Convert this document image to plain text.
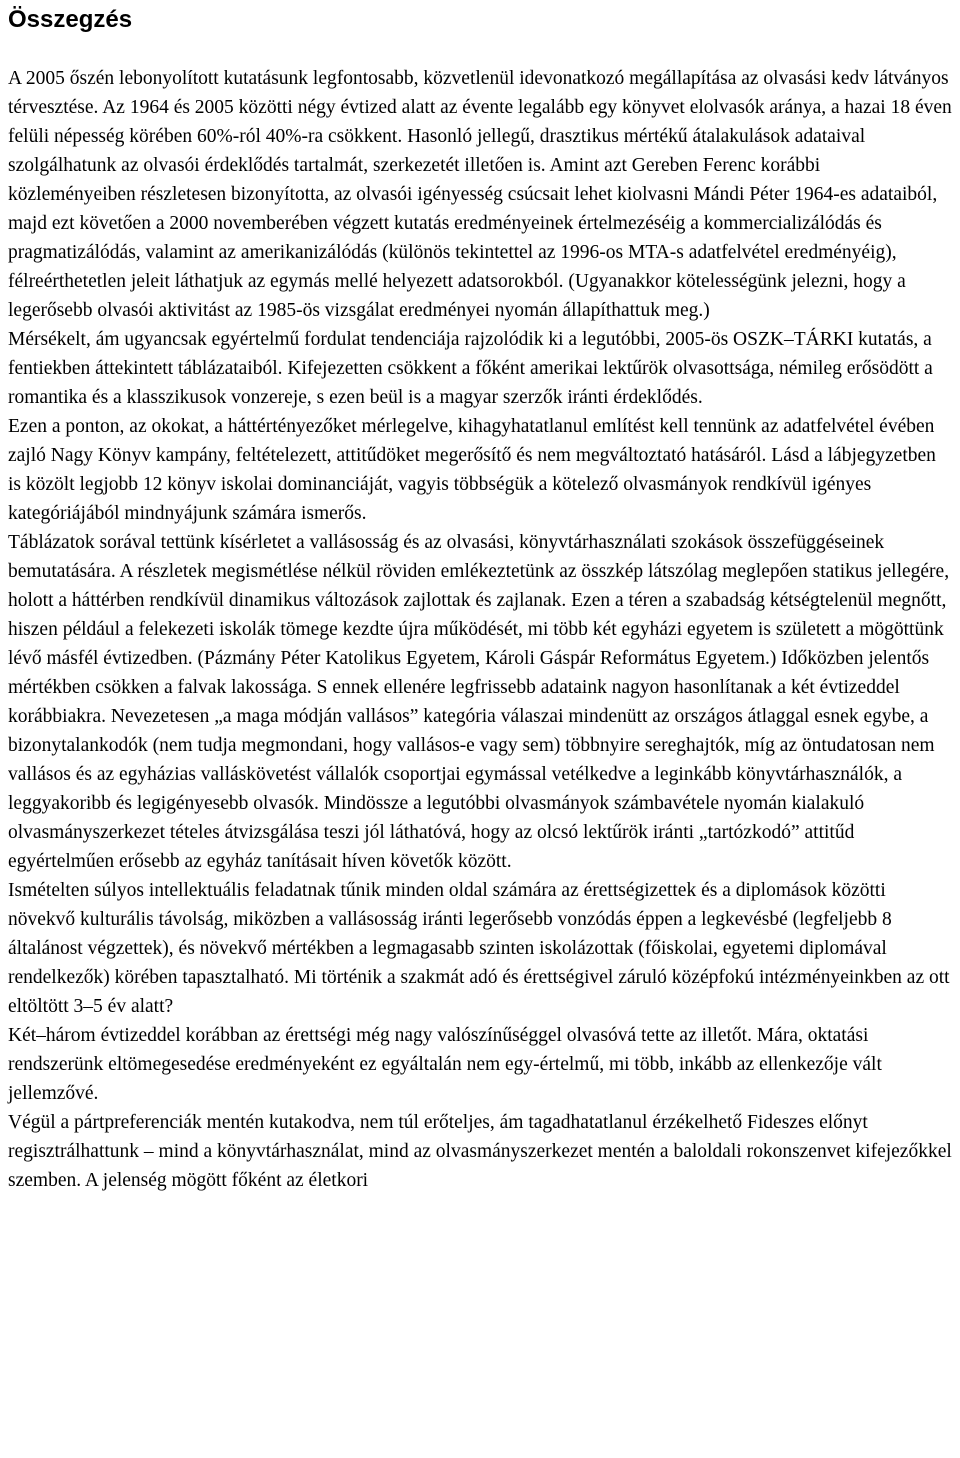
Összegzés

A 2005 őszén lebonyolított kutatásunk legfontosabb, közvetlenül idevonatkozó megállapítása az olvasási kedv látványos térvesztése. Az 1964 és 2005 közötti négy évtized alatt az évente legalább egy könyvet elolvasók aránya, a hazai 18 éven felüli népesség körében 60%-ról 40%-ra csökkent. Hasonló jellegű, drasztikus mértékű átalakulások adataival szolgálhatunk az olvasói érdeklődés tartalmát, szerkezetét illetően is. Amint azt Gereben Ferenc korábbi közleményeiben részletesen bizonyította, az olvasói igényesség csúcsait lehet kiolvasni Mándi Péter 1964-es adataiból, majd ezt követően a 2000 novemberében végzett kutatás eredményeinek értelmezéséig a kommercializálódás és pragmatizálódás, valamint az amerikanizálódás (különös tekintettel az 1996-os MTA-s adatfelvétel eredményéig), félreérthetetlen jeleit láthatjuk az egymás mellé helyezett adatsorokból. (Ugyanakkor kötelességünk jelezni, hogy a legerősebb olvasói aktivitást az 1985-ös vizsgálat eredményei nyomán állapíthattuk meg.)

Mérsékelt, ám ugyancsak egyértelmű fordulat tendenciája rajzolódik ki a legutóbbi, 2005-ös OSZK–TÁRKI kutatás, a fentiekben áttekintett táblázataiból. Kifejezetten csökkent a főként amerikai lektűrök olvasottsága, némileg erősödött a romantika és a klasszikusok vonzereje, s ezen beül is a magyar szerzők iránti érdeklődés.

Ezen a ponton, az okokat, a háttértényezőket mérlegelve, kihagyhatatlanul említést kell tennünk az adatfelvétel évében zajló Nagy Könyv kampány, feltételezett, attitűdöket megerősítő és nem megváltoztató hatásáról. Lásd a lábjegyzetben is közölt legjobb 12 könyv iskolai dominanciáját, vagyis többségük a kötelező olvasmányok rendkívül igényes kategóriájából mindnyájunk számára ismerős.

Táblázatok sorával tettünk kísérletet a vallásosság és az olvasási, könyvtárhasználati szokások összefüggéseinek bemutatására. A részletek megismétlése nélkül röviden emlékeztetünk az összkép látszólag meglepően statikus jellegére, holott a háttérben rendkívül dinamikus változások zajlottak és zajlanak. Ezen a téren a szabadság kétségtelenül megnőtt, hiszen például a felekezeti iskolák tömege kezdte újra működését, mi több két egyházi egyetem is született a mögöttünk lévő másfél évtizedben. (Pázmány Péter Katolikus Egyetem, Károli Gáspár Református Egyetem.) Időközben jelentős mértékben csökken a falvak lakossága. S ennek ellenére legfrissebb adataink nagyon hasonlítanak a két évtizeddel korábbiakra. Nevezetesen „a maga módján vallásos” kategória válaszai mindenütt az országos átlaggal esnek egybe, a bizonytalankodók (nem tudja megmondani, hogy vallásos-e vagy sem) többnyire sereghajtók, míg az öntudatosan nem vallásos és az egyházias valláskövetést vállalók csoportjai egymással vetélkedve a leginkább könyvtárhasználók, a leggyakoribb és legigényesebb olvasók. Mindössze a legutóbbi olvasmányok számbavétele nyomán kialakuló olvasmányszerkezet tételes átvizsgálása teszi jól láthatóvá, hogy az olcsó lektűrök iránti „tartózkodó” attitűd egyértelműen erősebb az egyház tanításait híven követők között.

Ismételten súlyos intellektuális feladatnak tűnik minden oldal számára az érettségizettek és a diplomások közötti növekvő kulturális távolság, miközben a vallásosság iránti legerősebb vonzódás éppen a legkevésbé (legfeljebb 8 általánost végzettek), és növekvő mértékben a legmagasabb szinten iskolázottak (főiskolai, egyetemi diplomával rendelkezők) körében tapasztalható. Mi történik a szakmát adó és érettségivel záruló középfokú intézményeinkben az ott eltöltött 3–5 év alatt?

Két–három évtizeddel korábban az érettségi még nagy valószínűséggel olvasóvá tette az illetőt. Mára, oktatási rendszerünk eltömegesedése eredményeként ez egyáltalán nem egy-értelmű, mi több, inkább az ellenkezője vált jellemzővé.

Végül a pártpreferenciák mentén kutakodva, nem túl erőteljes, ám tagadhatatlanul érzékelhető Fideszes előnyt regisztrálhattunk – mind a könyvtárhasználat, mind az olvasmányszerkezet mentén a baloldali rokonszenvet kifejezőkkel szemben. A jelenség mögött főként az életkori
